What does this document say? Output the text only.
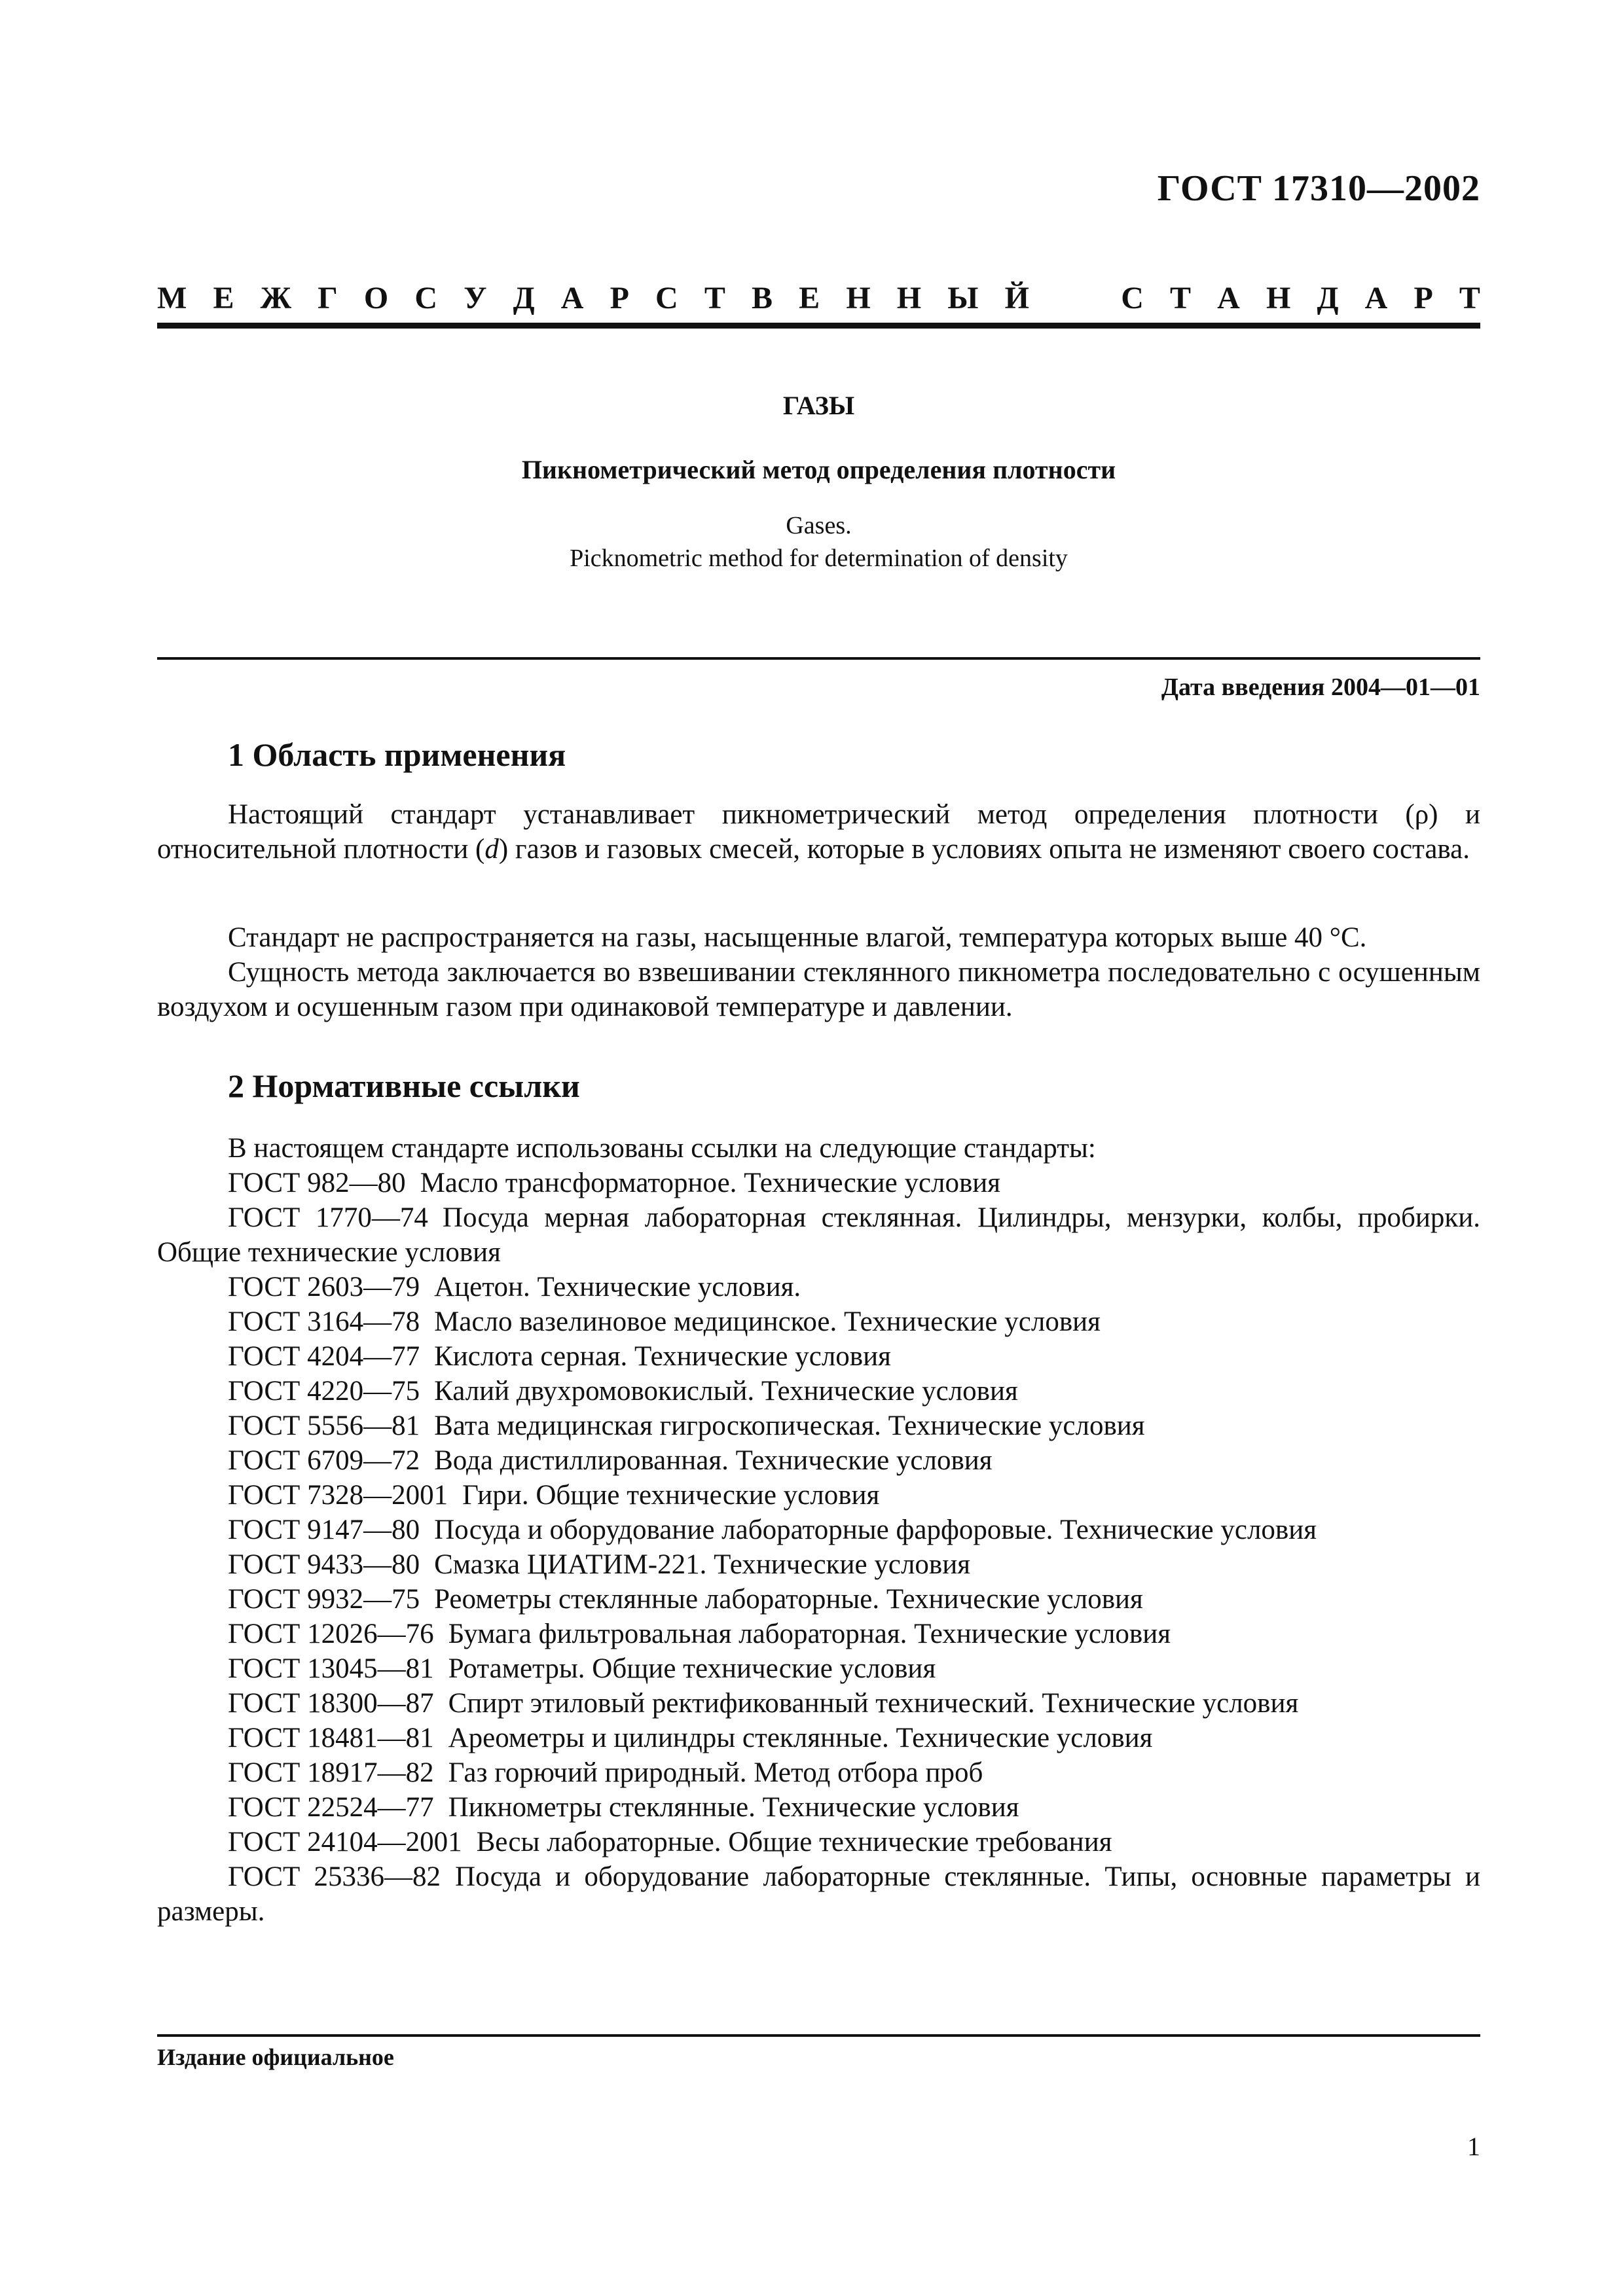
ГОСТ 17310—2002
М Е Ж Г О С У Д А Р С Т В Е Н Н Ы Й	С Т А Н Д А Р Т
ГАЗЫ
Пикнометрический метод определения плотности
Gases.
Picknometric method for determination of density
Дата введения 2004—01—01
1 Область применения
Настоящий стандарт устанавливает пикнометрический метод определения плотности (ρ) и относительной плотности (d) газов и газовых смесей, которые в условиях опыта не изменяют своего состава.
Стандарт не распространяется на газы, насыщенные влагой, температура которых выше 40 °С.
Сущность метода заключается во взвешивании стеклянного пикнометра последовательно с осушенным воздухом и осушенным газом при одинаковой температуре и давлении.
2 Нормативные ссылки
В настоящем стандарте использованы ссылки на следующие стандарты:
ГОСТ 982—80 Масло трансформаторное. Технические условия
ГОСТ 1770—74 Посуда мерная лабораторная стеклянная. Цилиндры, мензурки, колбы, пробирки. Общие технические условия
ГОСТ 2603—79 Ацетон. Технические условия.
ГОСТ 3164—78 Масло вазелиновое медицинское. Технические условия
ГОСТ 4204—77 Кислота серная. Технические условия
ГОСТ 4220—75 Калий двухромовокислый. Технические условия
ГОСТ 5556—81 Вата медицинская гигроскопическая. Технические условия
ГОСТ 6709—72 Вода дистиллированная. Технические условия
ГОСТ 7328—2001 Гири. Общие технические условия
ГОСТ 9147—80 Посуда и оборудование лабораторные фарфоровые. Технические условия
ГОСТ 9433—80 Смазка ЦИАТИМ-221. Технические условия
ГОСТ 9932—75 Реометры стеклянные лабораторные. Технические условия
ГОСТ 12026—76 Бумага фильтровальная лабораторная. Технические условия
ГОСТ 13045—81 Ротаметры. Общие технические условия
ГОСТ 18300—87 Спирт этиловый ректификованный технический. Технические условия
ГОСТ 18481—81 Ареометры и цилиндры стеклянные. Технические условия
ГОСТ 18917—82 Газ горючий природный. Метод отбора проб
ГОСТ 22524—77 Пикнометры стеклянные. Технические условия
ГОСТ 24104—2001 Весы лабораторные. Общие технические требования
ГОСТ 25336—82 Посуда и оборудование лабораторные стеклянные. Типы, основные параметры и размеры.
Издание официальное
1
